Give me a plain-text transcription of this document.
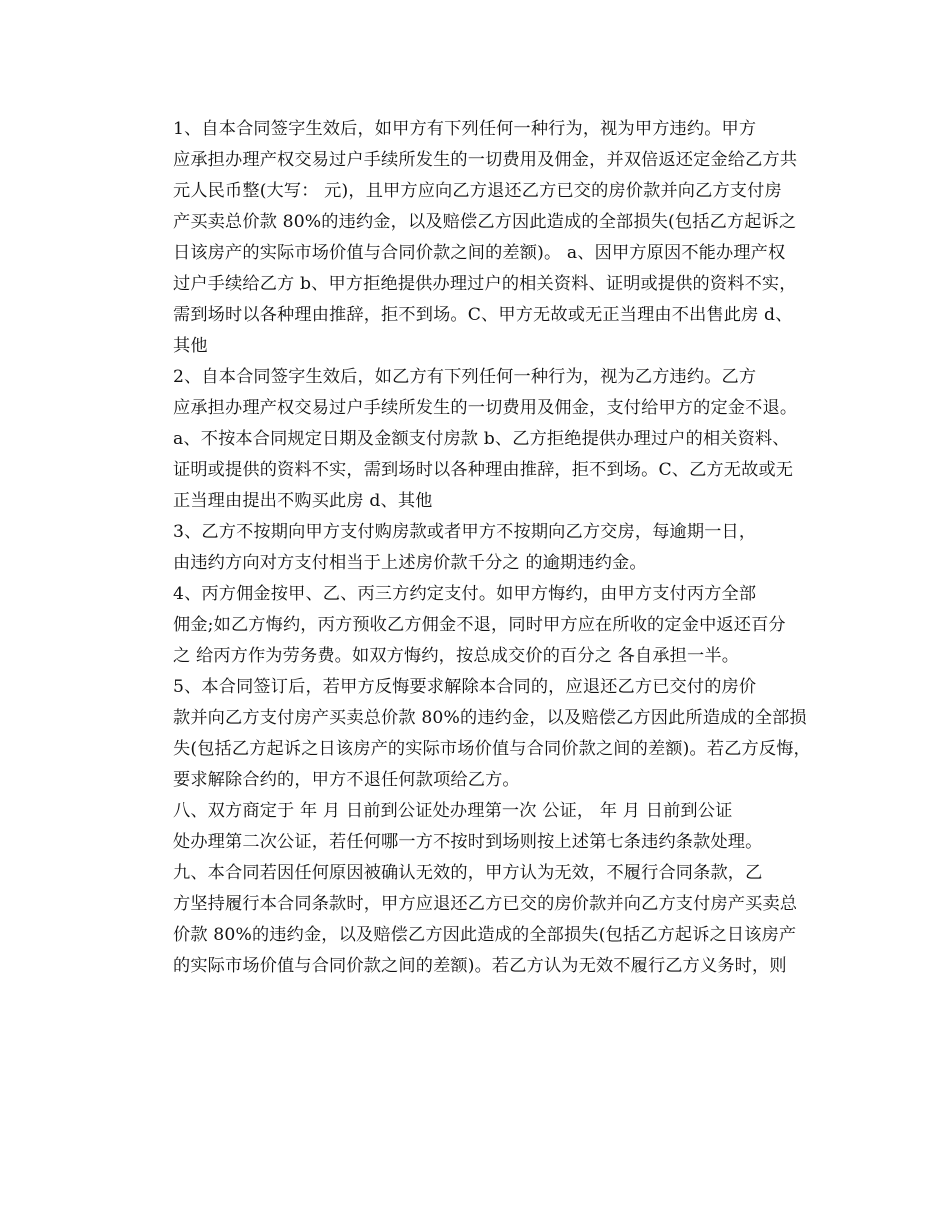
1、自本合同签字生效后，如甲方有下列任何一种行为，视为甲方违约。甲方
应承担办理产权交易过户手续所发生的一切费用及佣金，并双倍返还定金给乙方共
元人民币整(大写： 元)，且甲方应向乙方退还乙方已交的房价款并向乙方支付房
产买卖总价款 80%的违约金，以及赔偿乙方因此造成的全部损失(包括乙方起诉之
日该房产的实际市场价值与合同价款之间的差额)。 a、因甲方原因不能办理产权
过户手续给乙方 b、甲方拒绝提供办理过户的相关资料、证明或提供的资料不实，
需到场时以各种理由推辞，拒不到场。C、甲方无故或无正当理由不出售此房 d、
其他

2、自本合同签字生效后，如乙方有下列任何一种行为，视为乙方违约。乙方
应承担办理产权交易过户手续所发生的一切费用及佣金，支付给甲方的定金不退。
a、不按本合同规定日期及金额支付房款 b、乙方拒绝提供办理过户的相关资料、
证明或提供的资料不实，需到场时以各种理由推辞，拒不到场。C、乙方无故或无
正当理由提出不购买此房 d、其他

3、乙方不按期向甲方支付购房款或者甲方不按期向乙方交房，每逾期一日，
由违约方向对方支付相当于上述房价款千分之 的逾期违约金。

4、丙方佣金按甲、乙、丙三方约定支付。如甲方悔约，由甲方支付丙方全部
佣金;如乙方悔约，丙方预收乙方佣金不退，同时甲方应在所收的定金中返还百分
之 给丙方作为劳务费。如双方悔约，按总成交价的百分之 各自承担一半。

5、本合同签订后，若甲方反悔要求解除本合同的，应退还乙方已交付的房价
款并向乙方支付房产买卖总价款 80%的违约金，以及赔偿乙方因此所造成的全部损
失(包括乙方起诉之日该房产的实际市场价值与合同价款之间的差额)。若乙方反悔，
要求解除合约的，甲方不退任何款项给乙方。

八、双方商定于 年 月 日前到公证处办理第一次 公证， 年 月 日前到公证
处办理第二次公证，若任何哪一方不按时到场则按上述第七条违约条款处理。

九、本合同若因任何原因被确认无效的，甲方认为无效，不履行合同条款，乙
方坚持履行本合同条款时，甲方应退还乙方已交的房价款并向乙方支付房产买卖总
价款 80%的违约金，以及赔偿乙方因此造成的全部损失(包括乙方起诉之日该房产
的实际市场价值与合同价款之间的差额)。若乙方认为无效不履行乙方义务时，则
